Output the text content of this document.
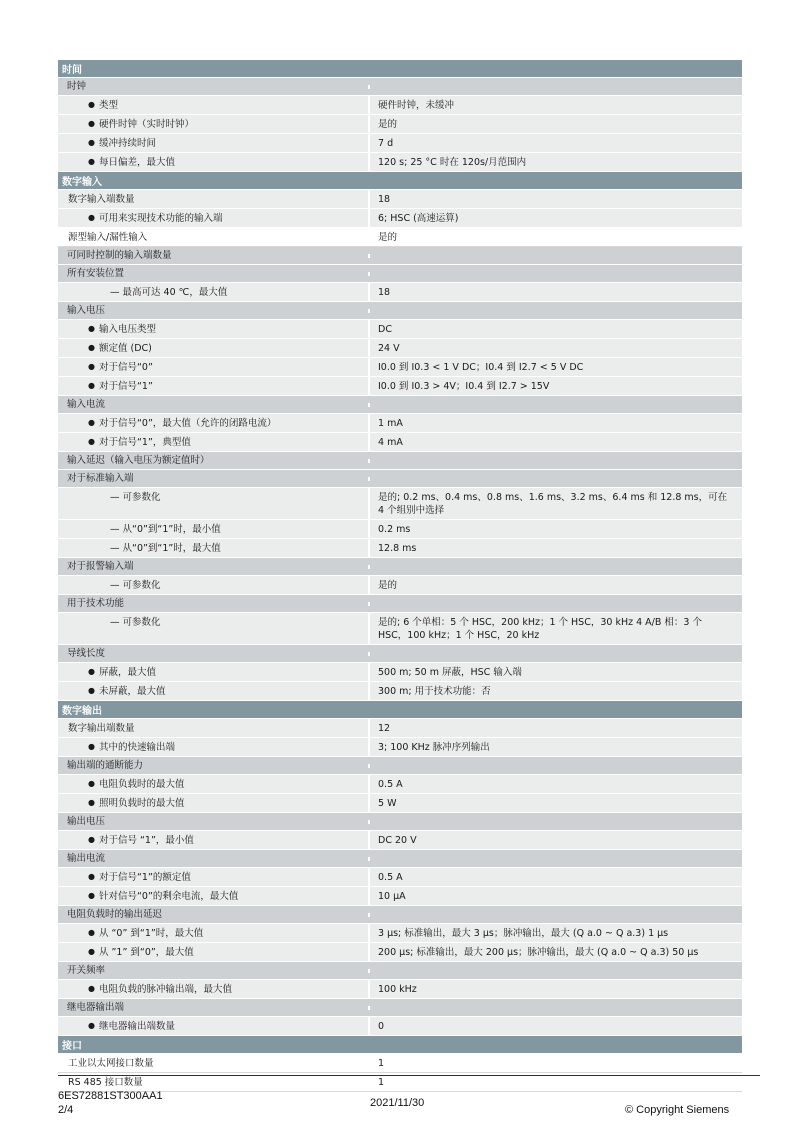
时间
时钟
● 类型	硬件时钟，未缓冲
● 硬件时钟（实时时钟）	是的
● 缓冲持续时间	7 d
● 每日偏差，最大值	120 s; 25 °C 时在 120s/月范围内
数字输入
数字输入端数量	18
● 可用来实现技术功能的输入端	6; HSC (高速运算)
源型输入/漏性输入	是的
可同时控制的输入端数量
所有安装位置
— 最高可达 40 ℃，最大值	18
输入电压
● 输入电压类型	DC
● 额定值 (DC)	24 V
● 对于信号“0”	I0.0 到 I0.3 < 1 V DC；I0.4 到 I2.7 < 5 V DC
● 对于信号“1”	I0.0 到 I0.3 > 4V；I0.4 到 I2.7 > 15V
输入电流
● 对于信号“0”，最大值（允许的闭路电流）	1 mA
● 对于信号“1”，典型值	4 mA
输入延迟（输入电压为额定值时）
对于标准输入端
— 可参数化	是的; 0.2 ms、0.4 ms、0.8 ms、1.6 ms、3.2 ms、6.4 ms 和 12.8 ms，可在 4 个组别中选择
— 从“0”到“1”时，最小值	0.2 ms
— 从“0”到“1”时，最大值	12.8 ms
对于报警输入端
— 可参数化	是的
用于技术功能
— 可参数化	是的; 6 个单相：5 个 HSC，200 kHz；1 个 HSC，30 kHz 4 A/B 相：3 个 HSC，100 kHz；1 个 HSC，20 kHz
导线长度
● 屏蔽，最大值	500 m; 50 m 屏蔽，HSC 输入端
● 未屏蔽，最大值	300 m; 用于技术功能：否
数字输出
数字输出端数量	12
● 其中的快速输出端	3; 100 KHz 脉冲序列输出
输出端的通断能力
● 电阻负载时的最大值	0.5 A
● 照明负载时的最大值	5 W
输出电压
● 对于信号 “1”，最小值	DC 20 V
输出电流
● 对于信号“1”的额定值	0.5 A
● 针对信号“0”的剩余电流，最大值	10 μA
电阻负载时的输出延迟
● 从 “0” 到“1”时，最大值	3 μs; 标准输出，最大 3 μs；脉冲输出，最大 (Q a.0 ~ Q a.3) 1 μs
● 从 ”1” 到“0”，最大值	200 μs; 标准输出，最大 200 μs；脉冲输出，最大 (Q a.0 ~ Q a.3) 50 μs
开关频率
● 电阻负载的脉冲输出端，最大值	100 kHz
继电器输出端
● 继电器输出端数量	0
接口
工业以太网接口数量	1
RS 485 接口数量	1
6ES72881ST300AA1
2/4
2021/11/30
© Copyright Siemens
